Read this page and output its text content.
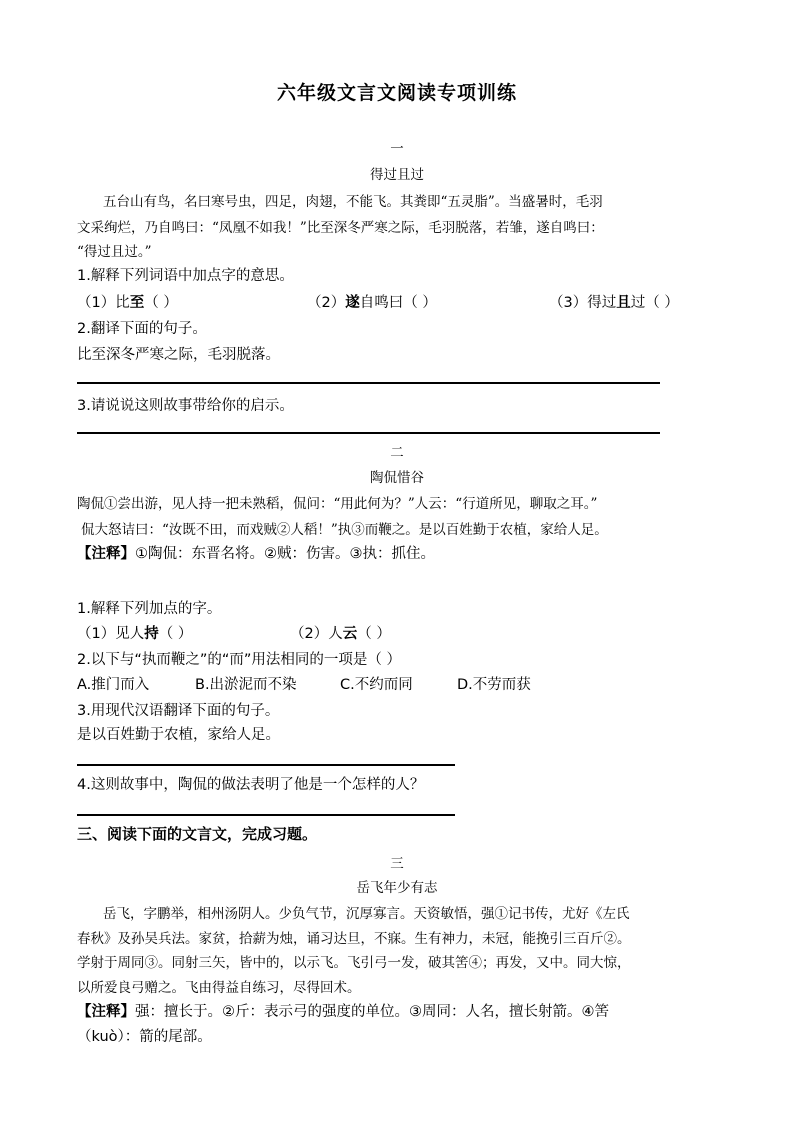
六年级文言文阅读专项训练
一
得过且过
五台山有鸟，名曰寒号虫，四足，肉翅，不能飞。其粪即“五灵脂”。当盛暑时，毛羽
文采绚烂，乃自鸣曰：“凤凰不如我！”比至深冬严寒之际，毛羽脱落，若雏，遂自鸣曰：
“得过且过。”
1.解释下列词语中加点字的意思。
（1）比至（ ）	（2）遂自鸣曰（ ）	（3）得过且过（ ）
2.翻译下面的句子。
比至深冬严寒之际，毛羽脱落。
3.请说说这则故事带给你的启示。
二
陶侃惜谷
陶侃①尝出游，见人持一把未熟稻，侃问：“用此何为？”人云：“行道所见，聊取之耳。”
侃大怒诘曰：“汝既不田，而戏贼②人稻！”执③而鞭之。是以百姓勤于农植，家给人足。
【注释】①陶侃：东晋名将。②贼：伤害。③执：抓住。
1.解释下列加点的字。
（1）见人持（ ）	（2）人云（ ）
2.以下与“执而鞭之”的“而”用法相同的一项是（ ）
A.推门而入	B.出淤泥而不染	C.不约而同	D.不劳而获
3.用现代汉语翻译下面的句子。
是以百姓勤于农植，家给人足。
4.这则故事中，陶侃的做法表明了他是一个怎样的人？
三、阅读下面的文言文，完成习题。
三
岳飞年少有志
岳飞，字鹏举，相州汤阴人。少负气节，沉厚寡言。天资敏悟，强①记书传，尤好《左氏
春秋》及孙吴兵法。家贫，拾薪为烛，诵习达旦，不寐。生有神力，未冠，能挽引三百斤②。
学射于周同③。同射三矢，皆中的，以示飞。飞引弓一发，破其筈④；再发，又中。同大惊，
以所爱良弓赠之。飞由得益自练习，尽得回术。
【注释】强：擅长于。②斤：表示弓的强度的单位。③周同：人名，擅长射箭。④筈
（kuò）：箭的尾部。
